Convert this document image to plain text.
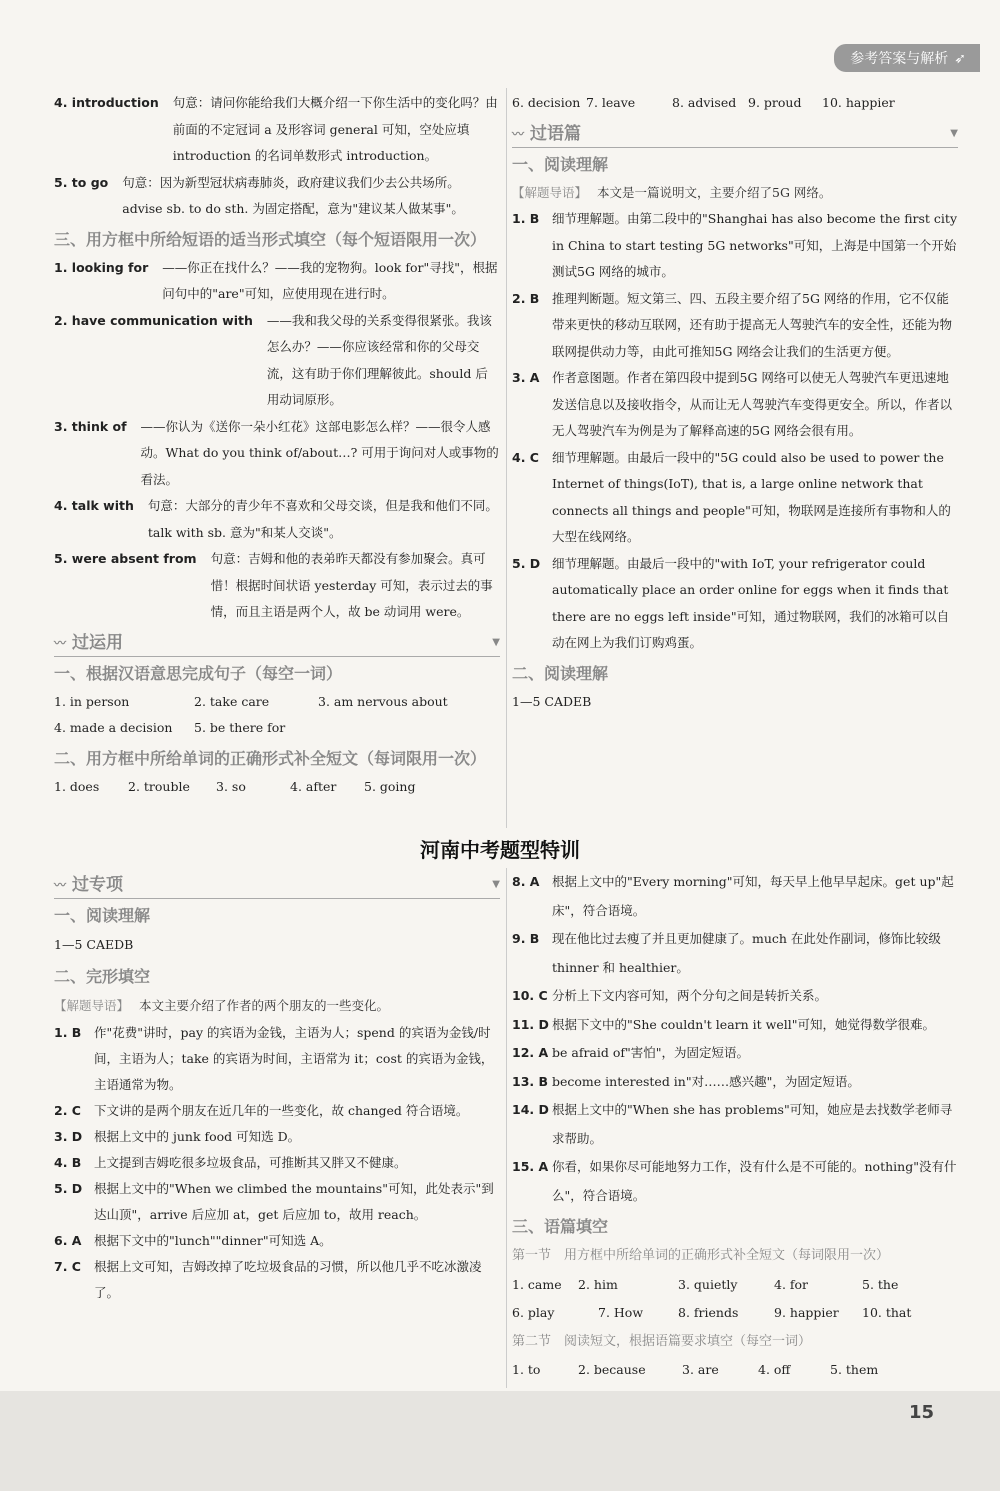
参考答案与解析 ➶
4. introduction 句意：请问你能给我们大概介绍一下你生活中的变化吗？由前面的不定冠词 a 及形容词 general 可知，空处应填 introduction 的名词单数形式 introduction。
5. to go 句意：因为新型冠状病毒肺炎，政府建议我们少去公共场所。advise sb. to do sth. 为固定搭配，意为"建议某人做某事"。
三、用方框中所给短语的适当形式填空（每个短语限用一次）
1. looking for ——你正在找什么？——我的宠物狗。look for"寻找"，根据问句中的"are"可知，应使用现在进行时。
2. have communication with ——我和我父母的关系变得很紧张。我该怎么办？——你应该经常和你的父母交流，这有助于你们理解彼此。should 后用动词原形。
3. think of ——你认为《送你一朵小红花》这部电影怎么样？——很令人感动。What do you think of/about…? 可用于询问对人或事物的看法。
4. talk with 句意：大部分的青少年不喜欢和父母交谈，但是我和他们不同。talk with sb. 意为"和某人交谈"。
5. were absent from 句意：吉姆和他的表弟昨天都没有参加聚会。真可惜！根据时间状语 yesterday 可知，表示过去的事情，而且主语是两个人，故 be 动词用 were。
〰 过运用	▼
一、根据汉语意思完成句子（每空一词）
1. in person	2. take care	3. am nervous about
4. made a decision	5. be there for
二、用方框中所给单词的正确形式补全短文（每词限用一次）
1. does	2. trouble	3. so	4. after	5. going
6. decision 7. leave	8. advised 9. proud	10. happier
〰 过语篇	▼
一、阅读理解
【解题导语】 本文是一篇说明文，主要介绍了5G 网络。
1. B	细节理解题。由第二段中的"Shanghai has also become the first city in China to start testing 5G networks"可知，上海是中国第一个开始测试5G 网络的城市。
2. B	推理判断题。短文第三、四、五段主要介绍了5G 网络的作用，它不仅能带来更快的移动互联网，还有助于提高无人驾驶汽车的安全性，还能为物联网提供动力等，由此可推知5G 网络会让我们的生活更方便。
3. A	作者意图题。作者在第四段中提到5G 网络可以使无人驾驶汽车更迅速地发送信息以及接收指令，从而让无人驾驶汽车变得更安全。所以，作者以无人驾驶汽车为例是为了解释高速的5G 网络会很有用。
4. C	细节理解题。由最后一段中的"5G could also be used to power the Internet of things(IoT), that is, a large online network that connects all things and people"可知，物联网是连接所有事物和人的大型在线网络。
5. D 细节理解题。由最后一段中的"with IoT, your refrigerator could automatically place an order online for eggs when it finds that there are no eggs left inside"可知，通过物联网，我们的冰箱可以自动在网上为我们订购鸡蛋。
二、阅读理解
1—5 CADEB
河南中考题型特训
〰 过专项	▼
一、阅读理解
1—5 CAEDB
二、完形填空
【解题导语】 本文主要介绍了作者的两个朋友的一些变化。
1. B	作"花费"讲时，pay 的宾语为金钱，主语为人；spend 的宾语为金钱/时间，主语为人；take 的宾语为时间，主语常为 it；cost 的宾语为金钱，主语通常为物。
2. C	下文讲的是两个朋友在近几年的一些变化，故 changed 符合语境。
3. D 根据上文中的 junk food 可知选 D。
4. B	上文提到吉姆吃很多垃圾食品，可推断其又胖又不健康。
5. D 根据上文中的"When we climbed the mountains"可知，此处表示"到达山顶"，arrive 后应加 at，get 后应加 to，故用 reach。
6. A	根据下文中的"lunch""dinner"可知选 A。
7. C	根据上文可知，吉姆改掉了吃垃圾食品的习惯，所以他几乎不吃冰激凌了。
8. A	根据上文中的"Every morning"可知，每天早上他早早起床。get up"起床"，符合语境。
9. B	现在他比过去瘦了并且更加健康了。much 在此处作副词，修饰比较级 thinner 和 healthier。
10. C 分析上下文内容可知，两个分句之间是转折关系。
11. D 根据下文中的"She couldn't learn it well"可知，她觉得数学很难。
12. A be afraid of"害怕"，为固定短语。
13. B become interested in"对……感兴趣"，为固定短语。
14. D 根据上文中的"When she has problems"可知，她应是去找数学老师寻求帮助。
15. A 你看，如果你尽可能地努力工作，没有什么是不可能的。nothing"没有什么"，符合语境。
三、语篇填空
第一节　用方框中所给单词的正确形式补全短文（每词限用一次）
1. came	2. him	3. quietly	4. for	5. the
6. play	7. How	8. friends	9. happier	10. that
第二节　阅读短文，根据语篇要求填空（每空一词）
1. to	2. because	3. are	4. off	5. them
15
